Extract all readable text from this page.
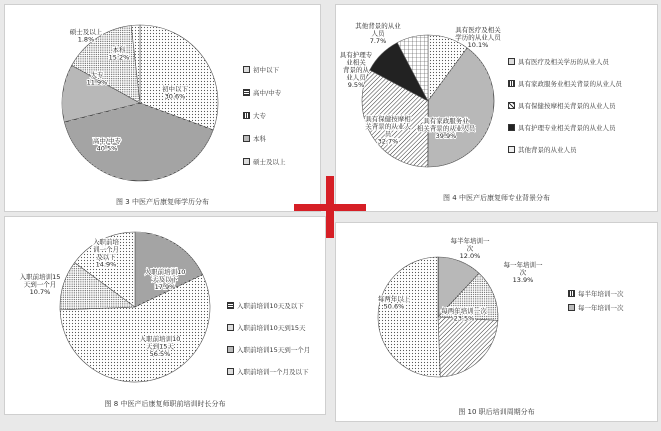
初中以下 30.6%
高中/中专 40.5%
大专 11.9%
本科 15.2%
硕士及以上 1.8%
初中以下
高中/中专
大专
本科
硕士及以上
图 3 中医产后康复师学历分布
具有医疗及相关学历的从业人员 10.1%
具有家政服务业相关背景的从业人员 39.9%
具有保健按摩相关背景的从业人员 32.7%
具有护理专业相关背景的从业人员 9.5%
其他背景的从业人员 7.7%
具有医疗及相关学历的从业人员
具有家政服务业相关背景的从业人员
具有保健按摩相关背景的从业人员
具有护理专业相关背景的从业人员
其他背景的从业人员
图 4 中医产后康复师专业背景分布
入职前培训10 天及以下 17.9%
入职前培训10 天到15天 56.5%
入职前培训15 天到一个月 10.7%
入职前培训一个月及以下 14.9%
入职前培训10天及以下
入职前培训10天到15天
入职前培训15天到一个月
入职前培训一个月及以下
图 8 中医产后康复师职前培训时长分布
每半年培训一次 12.0%
每一年培训一次 13.9%
每两年培训一次 23.5%
每两年以上 50.6%
每半年培训一次
每一年培训一次
图 10 职后培训周期分布
